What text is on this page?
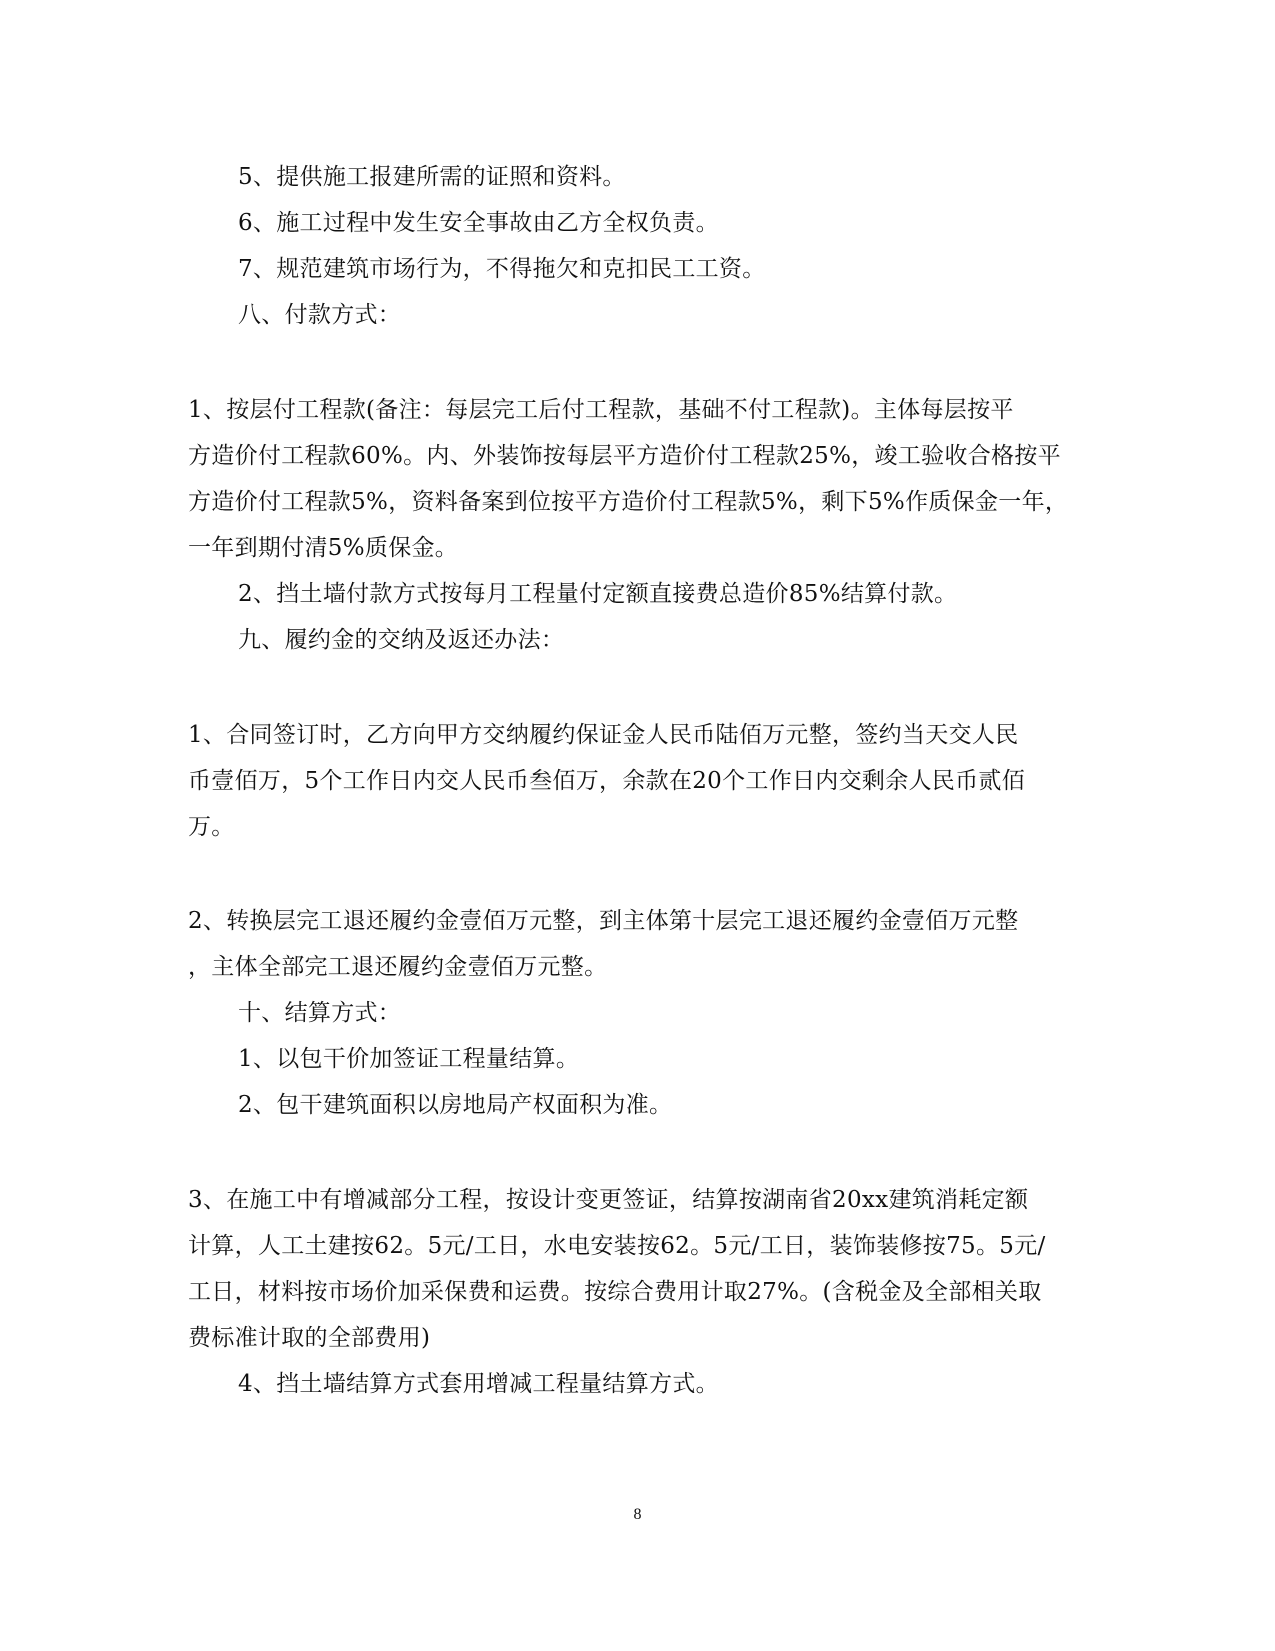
5、提供施工报建所需的证照和资料。
6、施工过程中发生安全事故由乙方全权负责。
7、规范建筑市场行为，不得拖欠和克扣民工工资。
八、付款方式：
1、按层付工程款(备注：每层完工后付工程款，基础不付工程款)。主体每层按平
方造价付工程款60%。内、外装饰按每层平方造价付工程款25%，竣工验收合格按平
方造价付工程款5%，资料备案到位按平方造价付工程款5%，剩下5%作质保金一年，
一年到期付清5%质保金。
2、挡土墙付款方式按每月工程量付定额直接费总造价85%结算付款。
九、履约金的交纳及返还办法：
1、合同签订时，乙方向甲方交纳履约保证金人民币陆佰万元整，签约当天交人民
币壹佰万，5个工作日内交人民币叁佰万，余款在20个工作日内交剩余人民币贰佰
万。
2、转换层完工退还履约金壹佰万元整，到主体第十层完工退还履约金壹佰万元整
，主体全部完工退还履约金壹佰万元整。
十、结算方式：
1、以包干价加签证工程量结算。
2、包干建筑面积以房地局产权面积为准。
3、在施工中有增减部分工程，按设计变更签证，结算按湖南省20xx建筑消耗定额
计算，人工土建按62。5元/工日，水电安装按62。5元/工日，装饰装修按75。5元/
工日，材料按市场价加采保费和运费。按综合费用计取27%。(含税金及全部相关取
费标准计取的全部费用)
4、挡土墙结算方式套用增减工程量结算方式。
8
